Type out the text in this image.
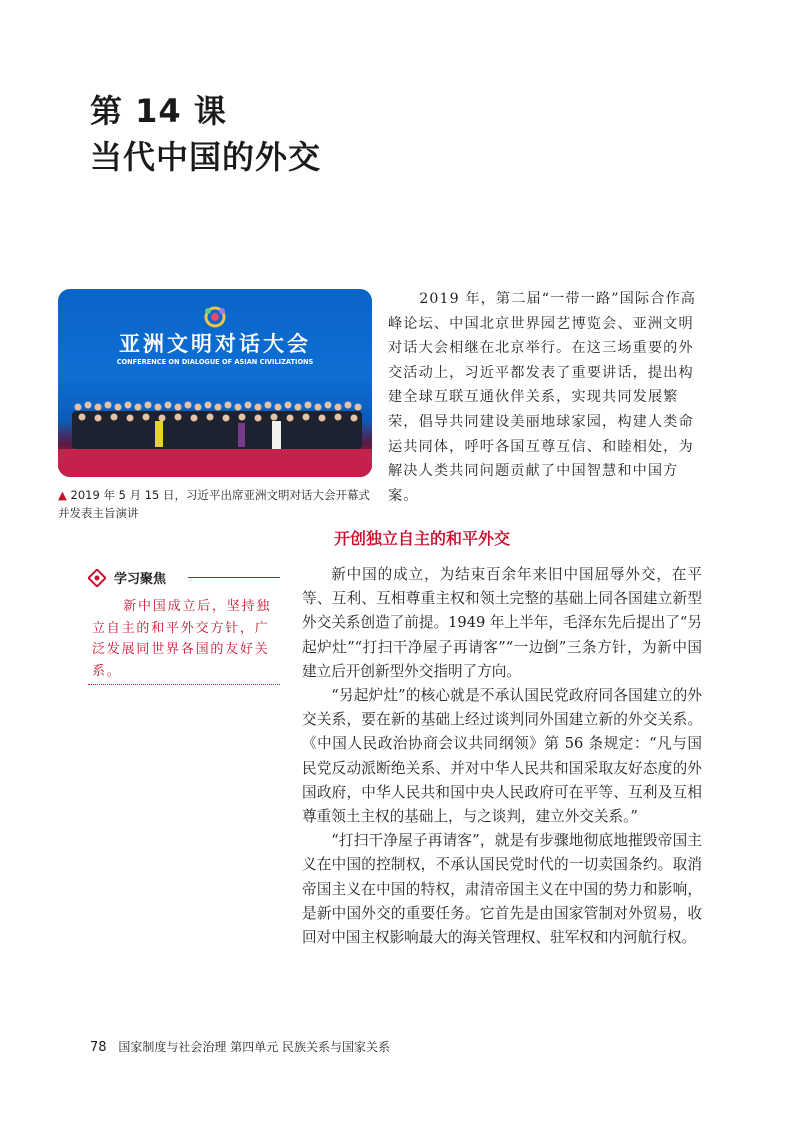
第 14 课
当代中国的外交
亚洲文明对话大会
CONFERENCE ON DIALOGUE OF ASIAN CIVILIZATIONS
▲ 2019 年 5 月 15 日，习近平出席亚洲文明对话大会开幕式并发表主旨演讲

2019 年，第二届“一带一路”国际合作高峰论坛、中国北京世界园艺博览会、亚洲文明对话大会相继在北京举行。在这三场重要的外交活动上，习近平都发表了重要讲话，提出构建全球互联互通伙伴关系，实现共同发展繁荣，倡导共同建设美丽地球家园，构建人类命运共同体，呼吁各国互尊互信、和睦相处，为解决人类共同问题贡献了中国智慧和中国方案。

开创独立自主的和平外交
学习聚焦

新中国成立后，坚持独立自主的和平外交方针，广泛发展同世界各国的友好关系。

新中国的成立，为结束百余年来旧中国屈辱外交，在平等、互利、互相尊重主权和领土完整的基础上同各国建立新型外交关系创造了前提。1949 年上半年，毛泽东先后提出了“另起炉灶”“打扫干净屋子再请客”“一边倒”三条方针，为新中国建立后开创新型外交指明了方向。

“另起炉灶”的核心就是不承认国民党政府同各国建立的外交关系，要在新的基础上经过谈判同外国建立新的外交关系。《中国人民政治协商会议共同纲领》第 56 条规定：“凡与国民党反动派断绝关系、并对中华人民共和国采取友好态度的外国政府，中华人民共和国中央人民政府可在平等、互利及互相尊重领土主权的基础上，与之谈判，建立外交关系。”

“打扫干净屋子再请客”，就是有步骤地彻底地摧毁帝国主义在中国的控制权，不承认国民党时代的一切卖国条约。取消帝国主义在中国的特权，肃清帝国主义在中国的势力和影响，是新中国外交的重要任务。它首先是由国家管制对外贸易，收回对中国主权影响最大的海关管理权、驻军权和内河航行权。

78 国家制度与社会治理 第四单元 民族关系与国家关系
